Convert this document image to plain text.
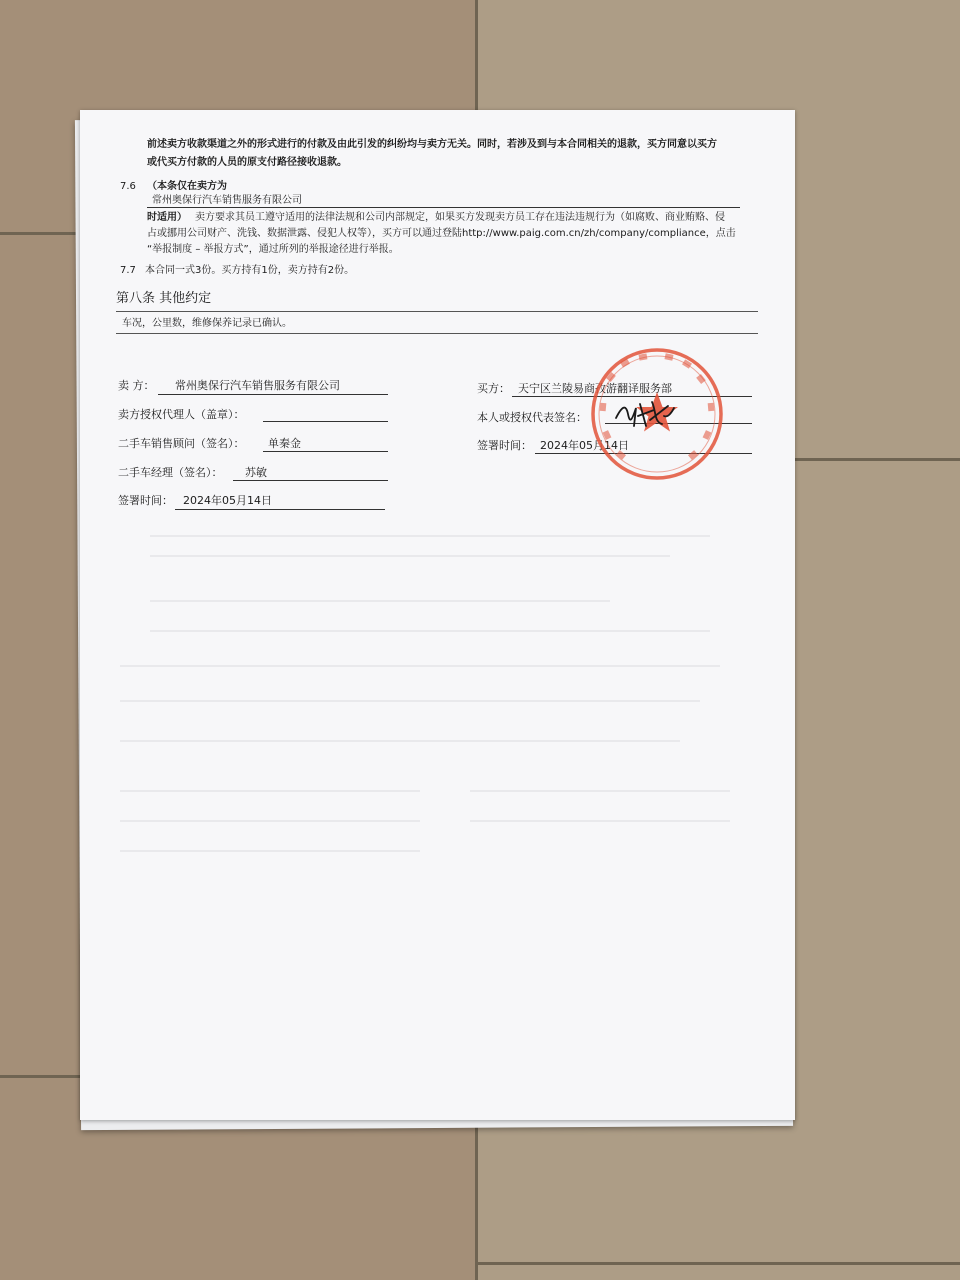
前述卖方收款渠道之外的形式进行的付款及由此引发的纠纷均与卖方无关。同时，若涉及到与本合同相关的退款，买方同意以买方
或代买方付款的人员的原支付路径接收退款。
7.6 （本条仅在卖方为
常州奥保行汽车销售服务有限公司
时适用） 卖方要求其员工遵守适用的法律法规和公司内部规定，如果买方发现卖方员工存在违法违规行为（如腐败、商业贿赂、侵
占或挪用公司财产、洗钱、数据泄露、侵犯人权等），买方可以通过登陆http://www.paig.com.cn/zh/company/compliance，点击
“举报制度 – 举报方式”，通过所列的举报途径进行举报。
7.7 本合同一式3份。买方持有1份，卖方持有2份。
第八条 其他约定
车况，公里数，维修保养记录已确认。
卖 方： 常州奥保行汽车销售服务有限公司
卖方授权代理人（盖章）：
二手车销售顾问（签名）： 单秦金
二手车经理（签名）： 苏敏
签署时间： 2024年05月14日
买方： 天宁区兰陵易商孜游翻译服务部
本人或授权代表签名：
签署时间： 2024年05月14日
